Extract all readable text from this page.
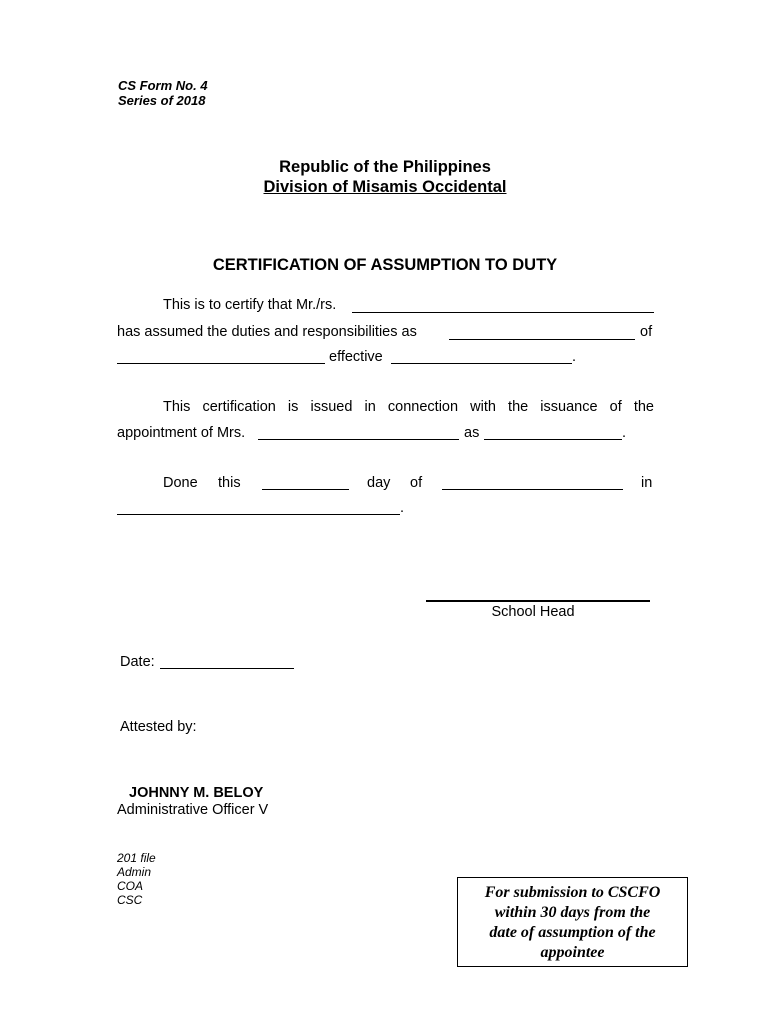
CS Form No. 4
Series of 2018
Republic of the Philippines
Division of Misamis Occidental
CERTIFICATION OF ASSUMPTION TO DUTY
This is to certify that Mr./rs.
has assumed the duties and responsibilities as	of
effective	.
This certification is issued in connection with the issuance of the
appointment of Mrs.	as	.
Done this	day of	in
.
School Head
Date:
Attested by:
JOHNNY M. BELOY
Administrative Officer V
201 file
Admin
COA
CSC	For submission to CSCFO
within 30 days from the
date of assumption of the
appointee
